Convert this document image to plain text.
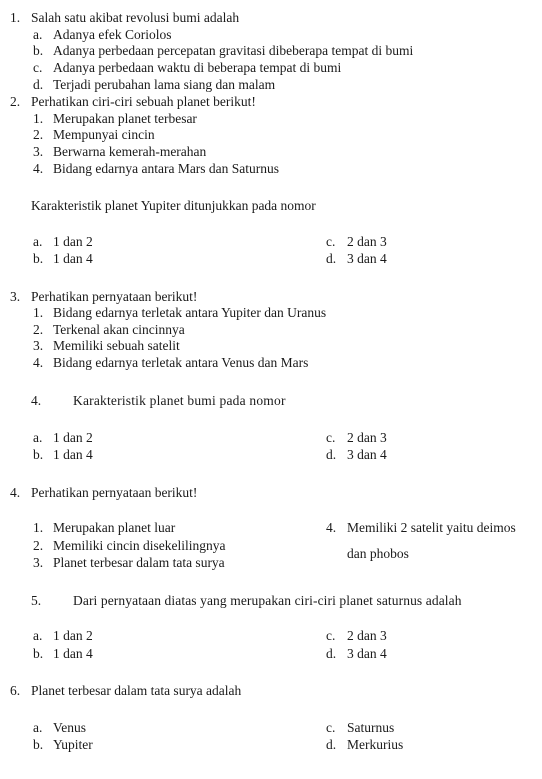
1. Salah satu akibat revolusi bumi adalah
a. Adanya efek Coriolos
b. Adanya perbedaan percepatan gravitasi dibeberapa tempat di bumi
c. Adanya perbedaan waktu di beberapa tempat di bumi
d. Terjadi perubahan lama siang dan malam
2. Perhatikan ciri-ciri sebuah planet berikut!
1. Merupakan planet terbesar
2. Mempunyai cincin
3. Berwarna kemerah-merahan
4. Bidang edarnya antara Mars dan Saturnus
Karakteristik planet Yupiter ditunjukkan pada nomor
a. 1 dan 2
b. 1 dan 4
c. 2 dan 3
d. 3 dan 4
3. Perhatikan pernyataan berikut!
1. Bidang edarnya terletak antara Yupiter dan Uranus
2. Terkenal akan cincinnya
3. Memiliki sebuah satelit
4. Bidang edarnya terletak antara Venus dan Mars
4. Karakteristik planet bumi pada nomor
a. 1 dan 2
b. 1 dan 4
c. 2 dan 3
d. 3 dan 4
4. Perhatikan pernyataan berikut!
1. Merupakan planet luar
2. Memiliki cincin disekelilingnya
3. Planet terbesar dalam tata surya
4. Memiliki 2 satelit yaitu deimos
dan phobos
5. Dari pernyataan diatas yang merupakan ciri-ciri planet saturnus adalah
a. 1 dan 2
b. 1 dan 4
c. 2 dan 3
d. 3 dan 4
6. Planet terbesar dalam tata surya adalah
a. Venus
b. Yupiter
c. Saturnus
d. Merkurius
